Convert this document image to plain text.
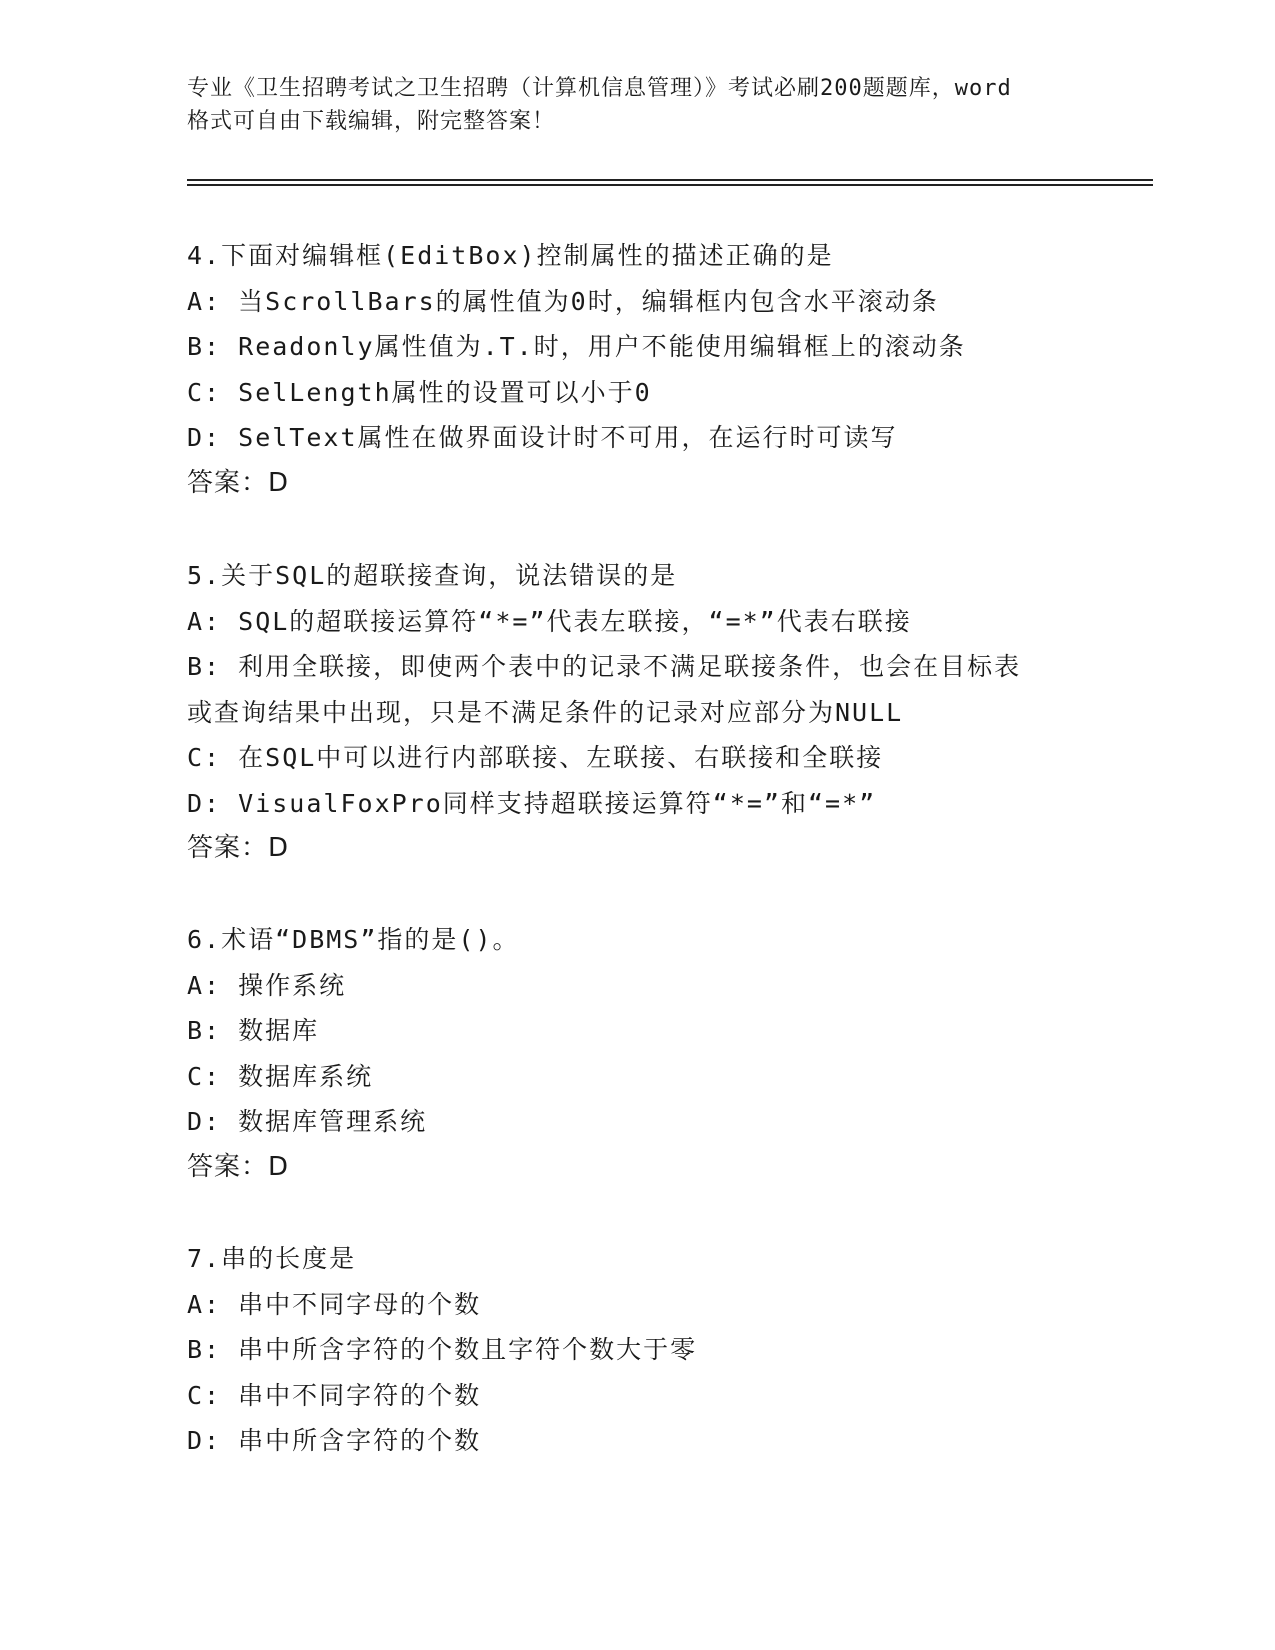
专业《卫生招聘考试之卫生招聘（计算机信息管理）》考试必刷200题题库，word
格式可自由下载编辑，附完整答案！
4.下面对编辑框(EditBox)控制属性的描述正确的是
A: 当ScrollBars的属性值为0时，编辑框内包含水平滚动条
B: Readonly属性值为.T.时，用户不能使用编辑框上的滚动条
C: SelLength属性的设置可以小于0
D: SelText属性在做界面设计时不可用，在运行时可读写
答案：D
5.关于SQL的超联接查询，说法错误的是
A: SQL的超联接运算符“*=”代表左联接，“=*”代表右联接
B: 利用全联接，即使两个表中的记录不满足联接条件，也会在目标表
或查询结果中出现，只是不满足条件的记录对应部分为NULL
C: 在SQL中可以进行内部联接、左联接、右联接和全联接
D: VisualFoxPro同样支持超联接运算符“*=”和“=*”
答案：D
6.术语“DBMS”指的是()。
A: 操作系统
B: 数据库
C: 数据库系统
D: 数据库管理系统
答案：D
7.串的长度是
A: 串中不同字母的个数
B: 串中所含字符的个数且字符个数大于零
C: 串中不同字符的个数
D: 串中所含字符的个数
